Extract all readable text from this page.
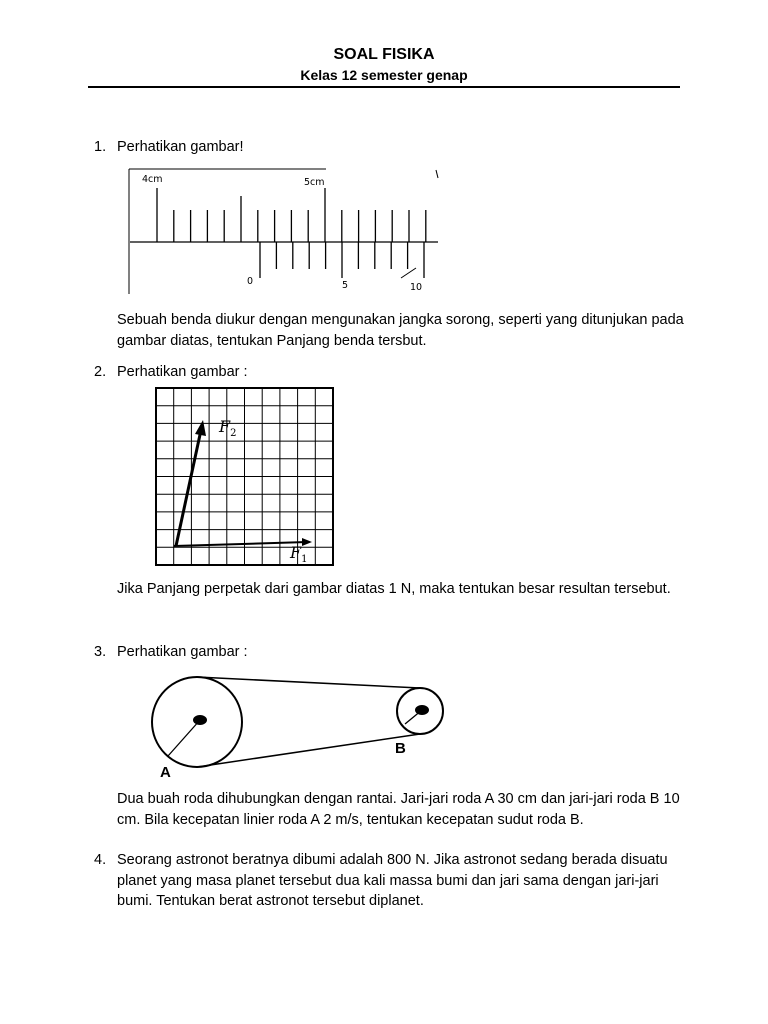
SOAL FISIKA
Kelas 12 semester genap
1. Perhatikan gambar!
4cm	5cm
0	5	10
Sebuah benda diukur dengan mengunakan jangka sorong, seperti yang ditunjukan pada gambar diatas, tentukan Panjang benda tersbut.
2. Perhatikan gambar :
$F_2$
$F_1$
Jika Panjang perpetak dari gambar diatas 1 N, maka tentukan besar resultan tersebut.
3. Perhatikan gambar :
A
B
Dua buah roda dihubungkan dengan rantai. Jari-jari roda A 30 cm dan jari-jari roda B 10 cm. Bila kecepatan linier roda A 2 m/s, tentukan kecepatan sudut roda B.
4. Seorang astronot beratnya dibumi adalah 800 N. Jika astronot sedang berada disuatu planet yang masa planet tersebut dua kali massa bumi dan jari sama dengan jari-jari bumi. Tentukan berat astronot tersebut diplanet.
